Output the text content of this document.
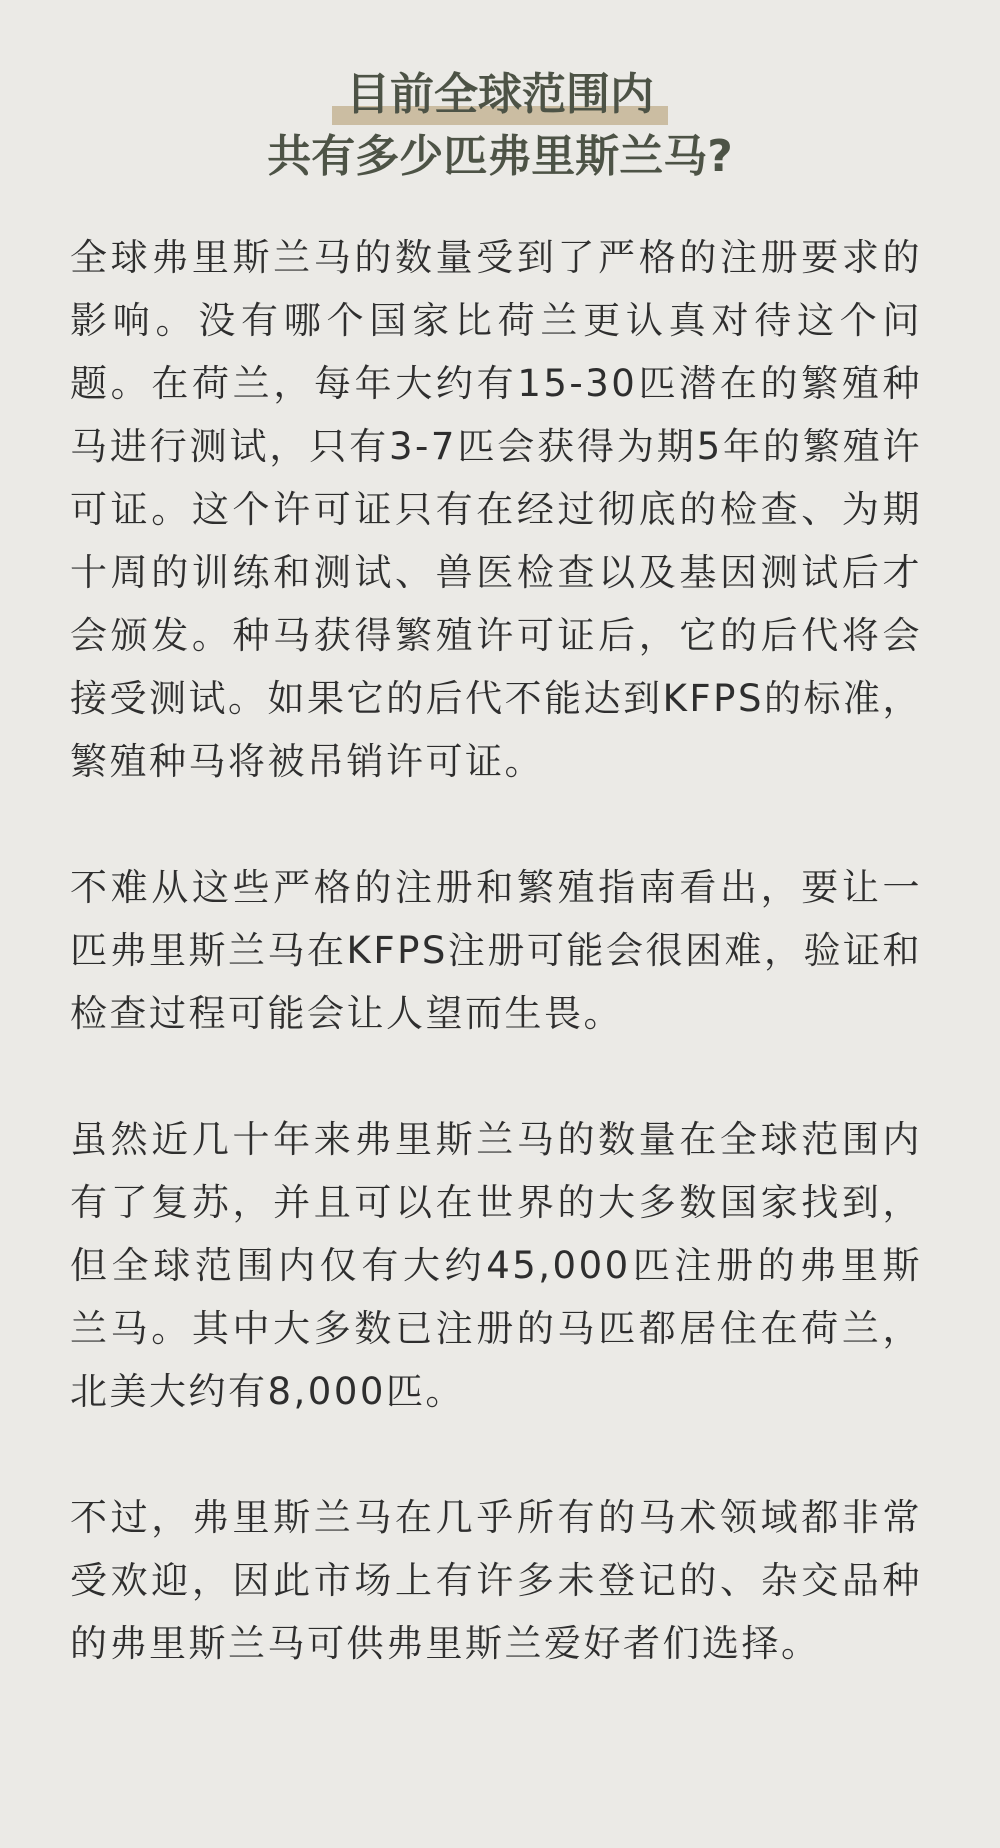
目前全球范围内
共有多少匹弗里斯兰马?

全球弗里斯兰马的数量受到了严格的注册要求的影响。没有哪个国家比荷兰更认真对待这个问题。在荷兰，每年大约有15-30匹潜在的繁殖种马进行测试，只有3-7匹会获得为期5年的繁殖许可证。这个许可证只有在经过彻底的检查、为期十周的训练和测试、兽医检查以及基因测试后才会颁发。种马获得繁殖许可证后，它的后代将会接受测试。如果它的后代不能达到KFPS的标准，繁殖种马将被吊销许可证。

不难从这些严格的注册和繁殖指南看出，要让一匹弗里斯兰马在KFPS注册可能会很困难，验证和检查过程可能会让人望而生畏。

虽然近几十年来弗里斯兰马的数量在全球范围内有了复苏，并且可以在世界的大多数国家找到，但全球范围内仅有大约45,000匹注册的弗里斯兰马。其中大多数已注册的马匹都居住在荷兰，北美大约有8,000匹。

不过，弗里斯兰马在几乎所有的马术领域都非常受欢迎，因此市场上有许多未登记的、杂交品种的弗里斯兰马可供弗里斯兰爱好者们选择。
